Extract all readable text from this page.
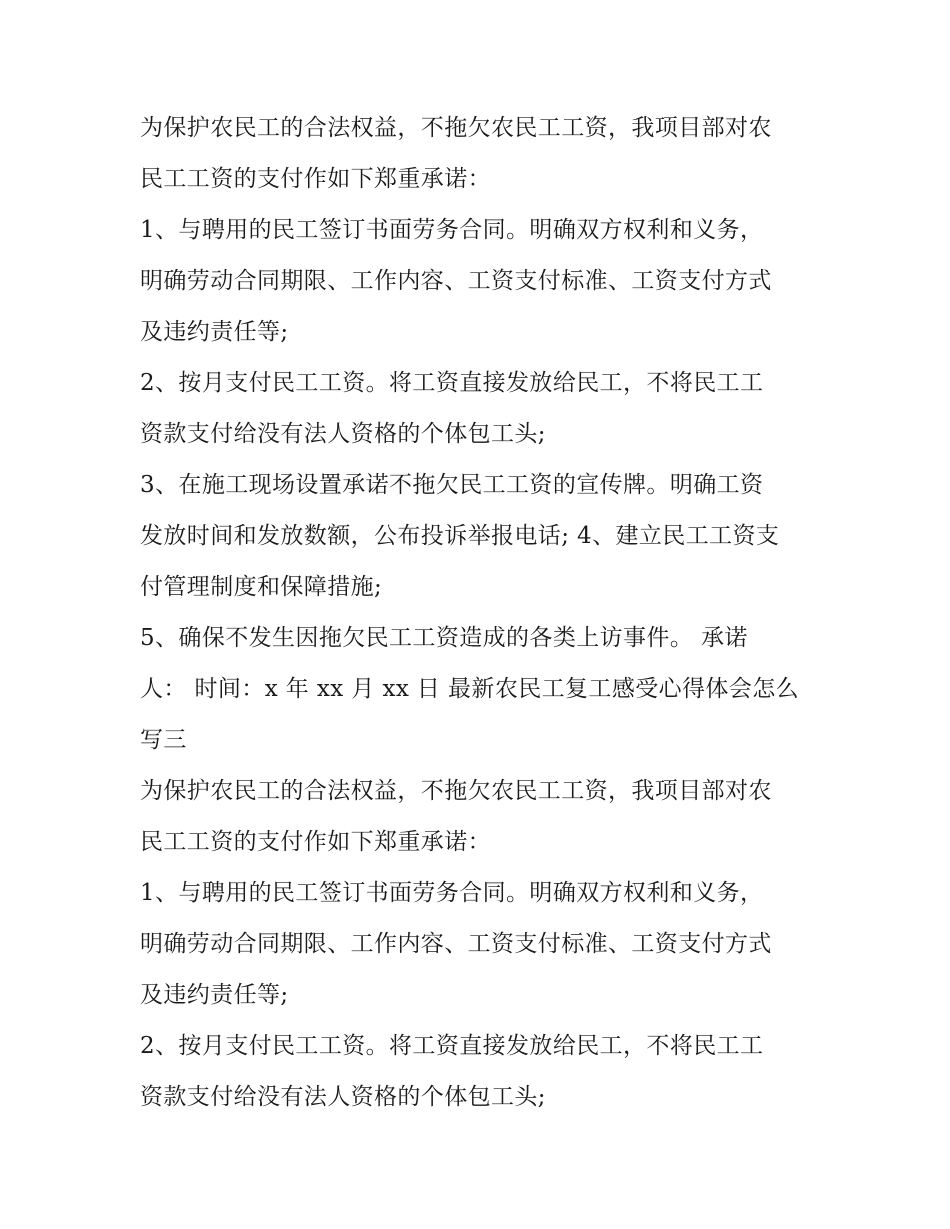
为保护农民工的合法权益，不拖欠农民工工资，我项目部对农
民工工资的支付作如下郑重承诺：
1、与聘用的民工签订书面劳务合同。明确双方权利和义务，
明确劳动合同期限、工作内容、工资支付标准、工资支付方式
及违约责任等;
2、按月支付民工工资。将工资直接发放给民工，不将民工工
资款支付给没有法人资格的个体包工头;
3、在施工现场设置承诺不拖欠民工工资的宣传牌。明确工资
发放时间和发放数额，公布投诉举报电话; 4、建立民工工资支
付管理制度和保障措施;
5、确保不发生因拖欠民工工资造成的各类上访事件。 承诺
人： 时间：x 年 xx 月 xx 日 最新农民工复工感受心得体会怎么
写三
为保护农民工的合法权益，不拖欠农民工工资，我项目部对农
民工工资的支付作如下郑重承诺：
1、与聘用的民工签订书面劳务合同。明确双方权利和义务，
明确劳动合同期限、工作内容、工资支付标准、工资支付方式
及违约责任等;
2、按月支付民工工资。将工资直接发放给民工，不将民工工
资款支付给没有法人资格的个体包工头;
